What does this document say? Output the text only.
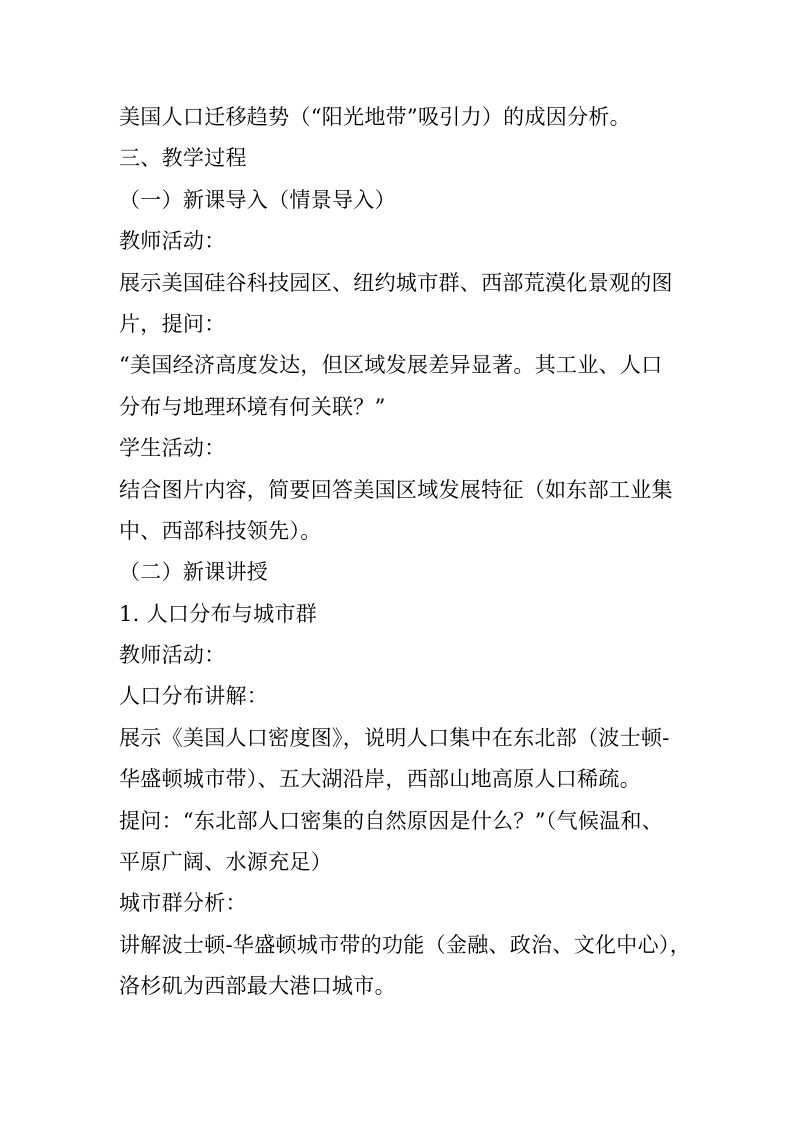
美国人口迁移趋势（“阳光地带”吸引力）的成因分析。

三、教学过程

（一）新课导入（情景导入）

教师活动：

展示美国硅谷科技园区、纽约城市群、西部荒漠化景观的图

片，提问：

“美国经济高度发达，但区域发展差异显著。其工业、人口

分布与地理环境有何关联？”

学生活动：

结合图片内容，简要回答美国区域发展特征（如东部工业集

中、西部科技领先）。

（二）新课讲授

1. 人口分布与城市群

教师活动：

人口分布讲解：

展示《美国人口密度图》，说明人口集中在东北部（波士顿-

华盛顿城市带）、五大湖沿岸，西部山地高原人口稀疏。

提问：“东北部人口密集的自然原因是什么？”（气候温和、

平原广阔、水源充足）

城市群分析：

讲解波士顿-华盛顿城市带的功能（金融、政治、文化中心），

洛杉矶为西部最大港口城市。
